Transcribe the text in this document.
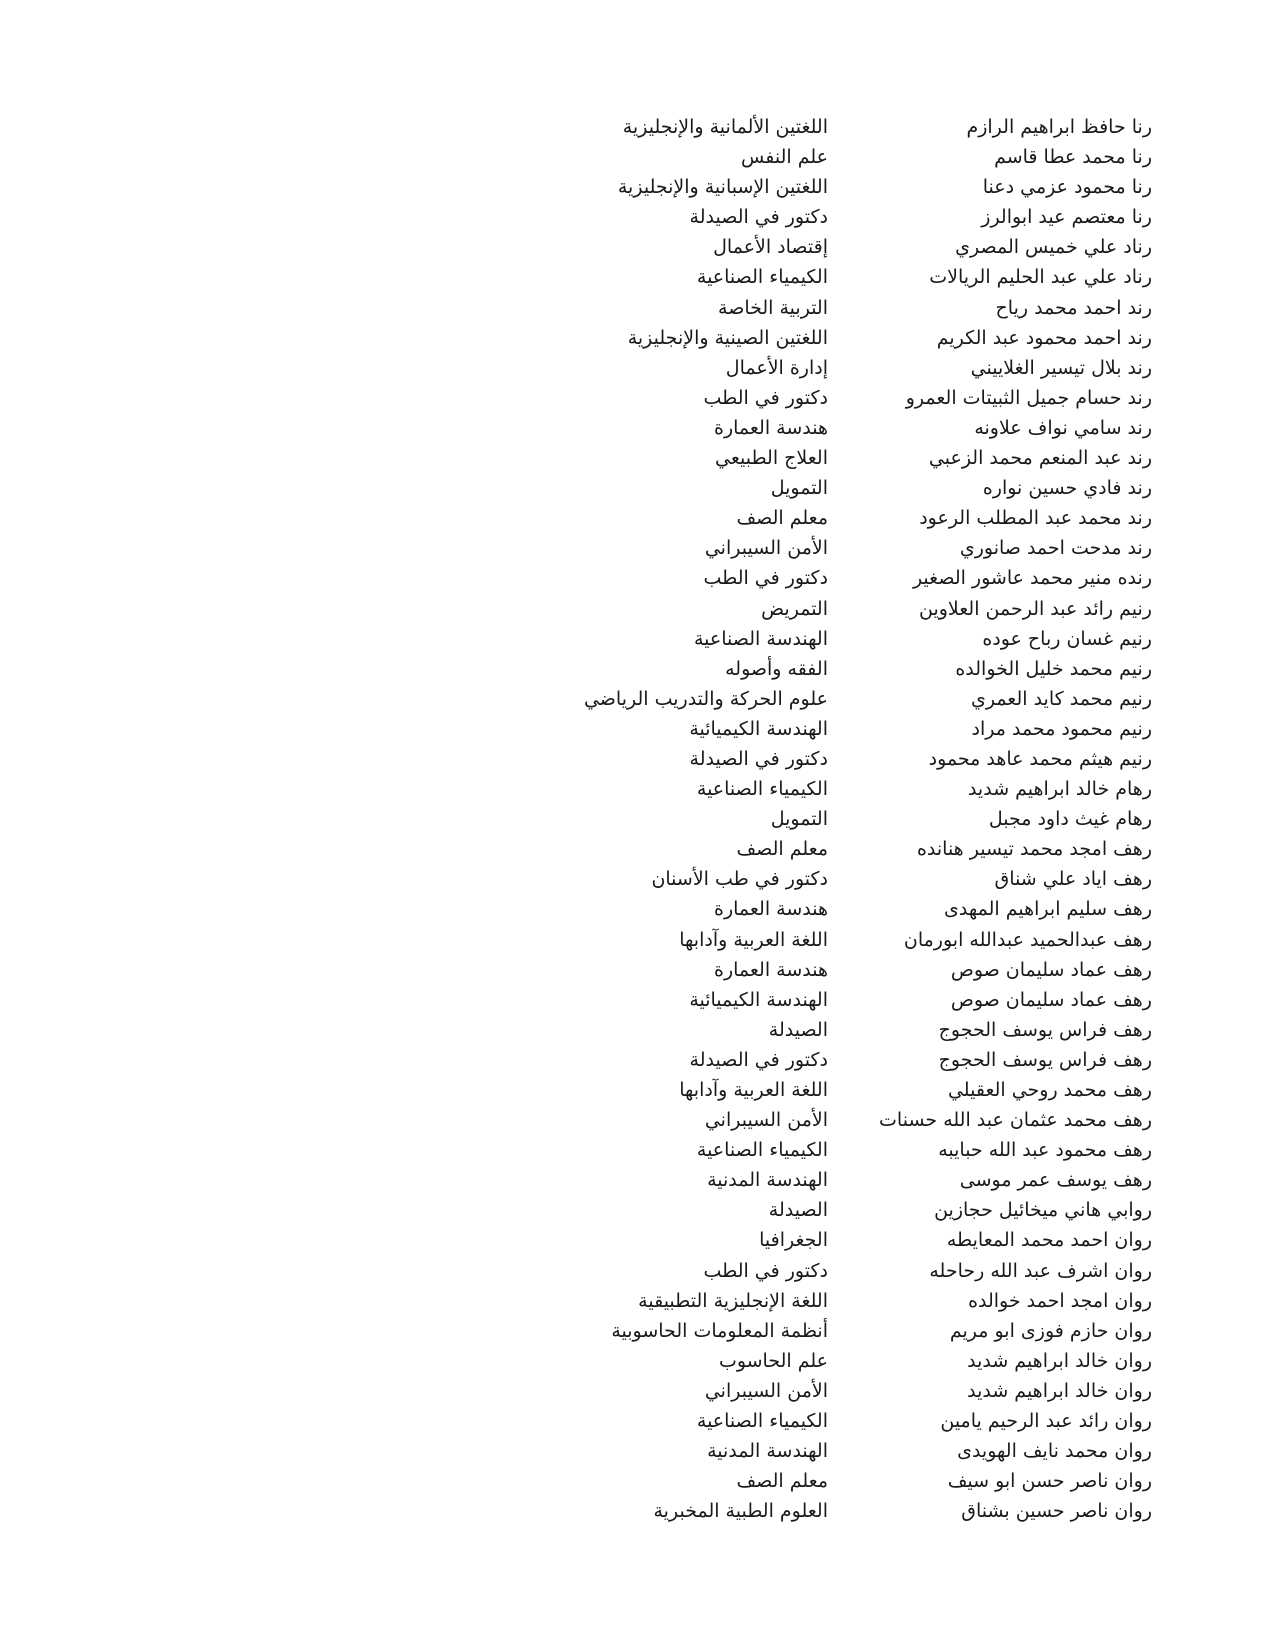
رنا حافظ ابراهيم الرازم
اللغتين الألمانية والإنجليزية
رنا محمد عطا قاسم
علم النفس
رنا محمود عزمي دعنا
اللغتين الإسبانية والإنجليزية
رنا معتصم عيد ابوالرز
دكتور في الصيدلة
رناد علي خميس المصري
إقتصاد الأعمال
رناد علي عبد الحليم الريالات
الكيمياء الصناعية
رند احمد محمد رياح
التربية الخاصة
رند احمد محمود عبد الكريم
اللغتين الصينية والإنجليزية
رند بلال تيسير الغلاييني
إدارة الأعمال
رند حسام جميل الثبيتات العمرو
دكتور في الطب
رند سامي نواف علاونه
هندسة العمارة
رند عبد المنعم محمد الزعبي
العلاج الطبيعي
رند فادي حسين نواره
التمويل
رند محمد عبد المطلب الرعود
معلم الصف
رند مدحت احمد صانوري
الأمن السيبراني
رنده منير محمد عاشور الصغير
دكتور في الطب
رنيم رائد عبد الرحمن العلاوين
التمريض
رنيم غسان رباح عوده
الهندسة الصناعية
رنيم محمد خليل الخوالده
الفقه وأصوله
رنيم محمد كايد العمري
علوم الحركة والتدريب الرياضي
رنيم محمود محمد مراد
الهندسة الكيميائية
رنيم هيثم محمد عاهد محمود
دكتور في الصيدلة
رهام خالد ابراهيم شديد
الكيمياء الصناعية
رهام غيث داود مجبل
التمويل
رهف امجد محمد تيسير هنانده
معلم الصف
رهف اياد علي شناق
دكتور في طب الأسنان
رهف سليم ابراهيم المهدى
هندسة العمارة
رهف عبدالحميد عبدالله ابورمان
اللغة العربية وآدابها
رهف عماد سليمان صوص
هندسة العمارة
رهف عماد سليمان صوص
الهندسة الكيميائية
رهف فراس يوسف الحجوج
الصيدلة
رهف فراس يوسف الحجوج
دكتور في الصيدلة
رهف محمد روحي العقيلي
اللغة العربية وآدابها
رهف محمد عثمان عبد الله حسنات
الأمن السيبراني
رهف محمود عبد الله حبايبه
الكيمياء الصناعية
رهف يوسف عمر موسى
الهندسة المدنية
روابي هاني ميخائيل حجازين
الصيدلة
روان احمد محمد المعايطه
الجغرافيا
روان اشرف عبد الله رحاحله
دكتور في الطب
روان امجد احمد خوالده
اللغة الإنجليزية التطبيقية
روان حازم فوزى ابو مريم
أنظمة المعلومات الحاسوبية
روان خالد ابراهيم شديد
علم الحاسوب
روان خالد ابراهيم شديد
الأمن السيبراني
روان رائد عبد الرحيم يامين
الكيمياء الصناعية
روان محمد نايف الهويدى
الهندسة المدنية
روان ناصر حسن ابو سيف
معلم الصف
روان ناصر حسين بشناق
العلوم الطبية المخبرية
